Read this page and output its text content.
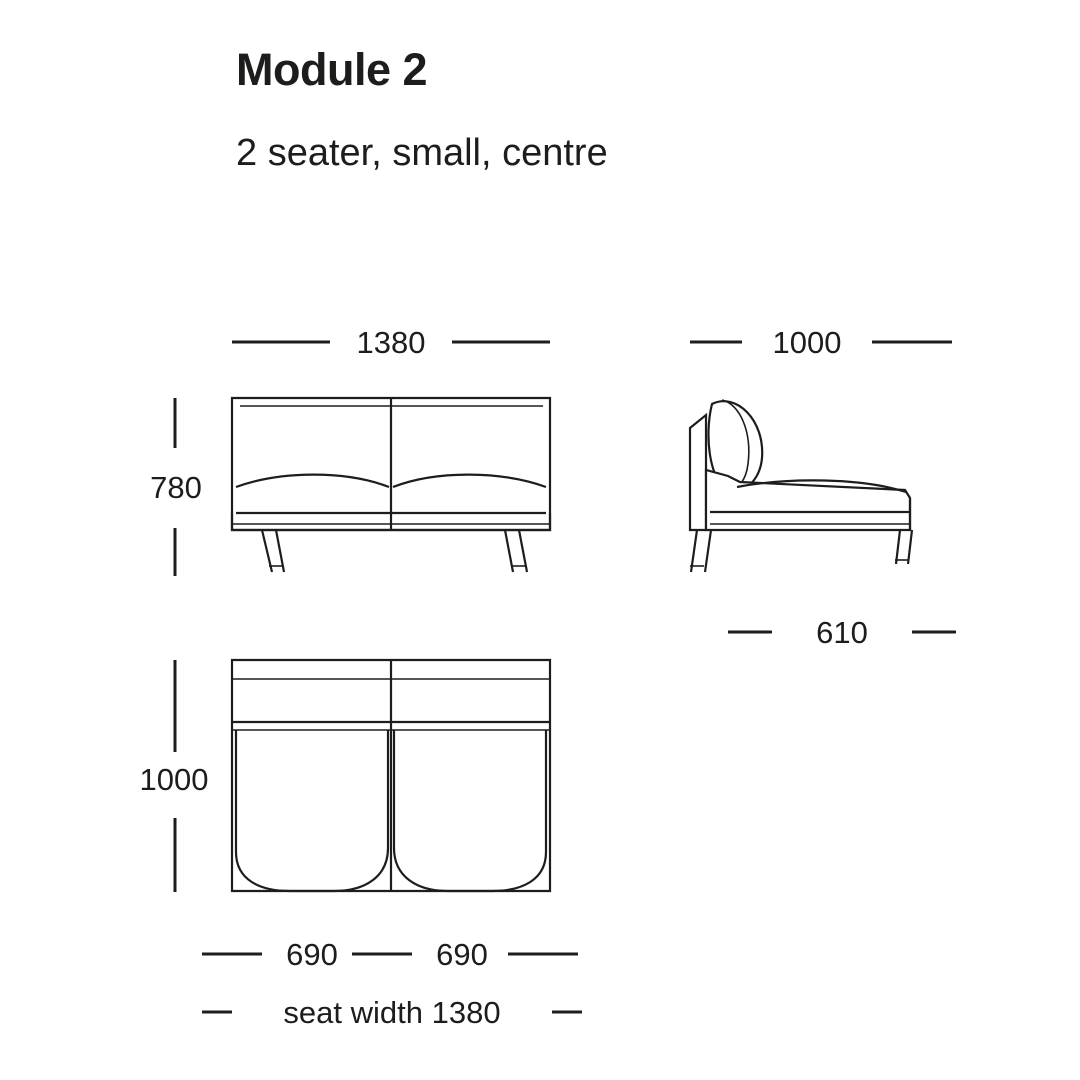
Module 2
2 seater, small, centre
1380
780
1000
610
1000
690	690
seat width 1380
